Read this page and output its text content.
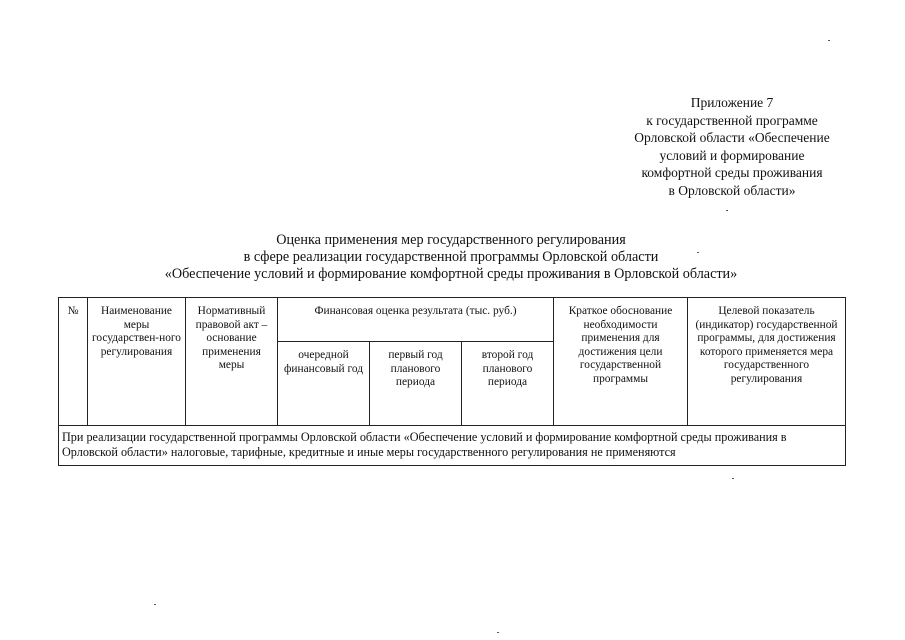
Приложение 7
к государственной программе
Орловской области «Обеспечение
условий и формирование
комфортной среды проживания
в Орловской области»
Оценка применения мер государственного регулирования
в сфере реализации государственной программы Орловской области
«Обеспечение условий и формирование комфортной среды проживания в Орловской области»
№	Наименование меры государствен-ного регулирования	Нормативный правовой акт – основание применения меры	Финансовая оценка результата (тыс. руб.)			Краткое обоснование необходимости применения для достижения цели государственной программы	Целевой показатель (индикатор) государственной программы, для достижения которого применяется мера государственного регулирования
			очередной финансовый год	первый год планового периода	второй год планового периода		
При реализации государственной программы Орловской области «Обеспечение условий и формирование комфортной среды проживания в Орловской области» налоговые, тарифные, кредитные и иные меры государственного регулирования не применяются							
